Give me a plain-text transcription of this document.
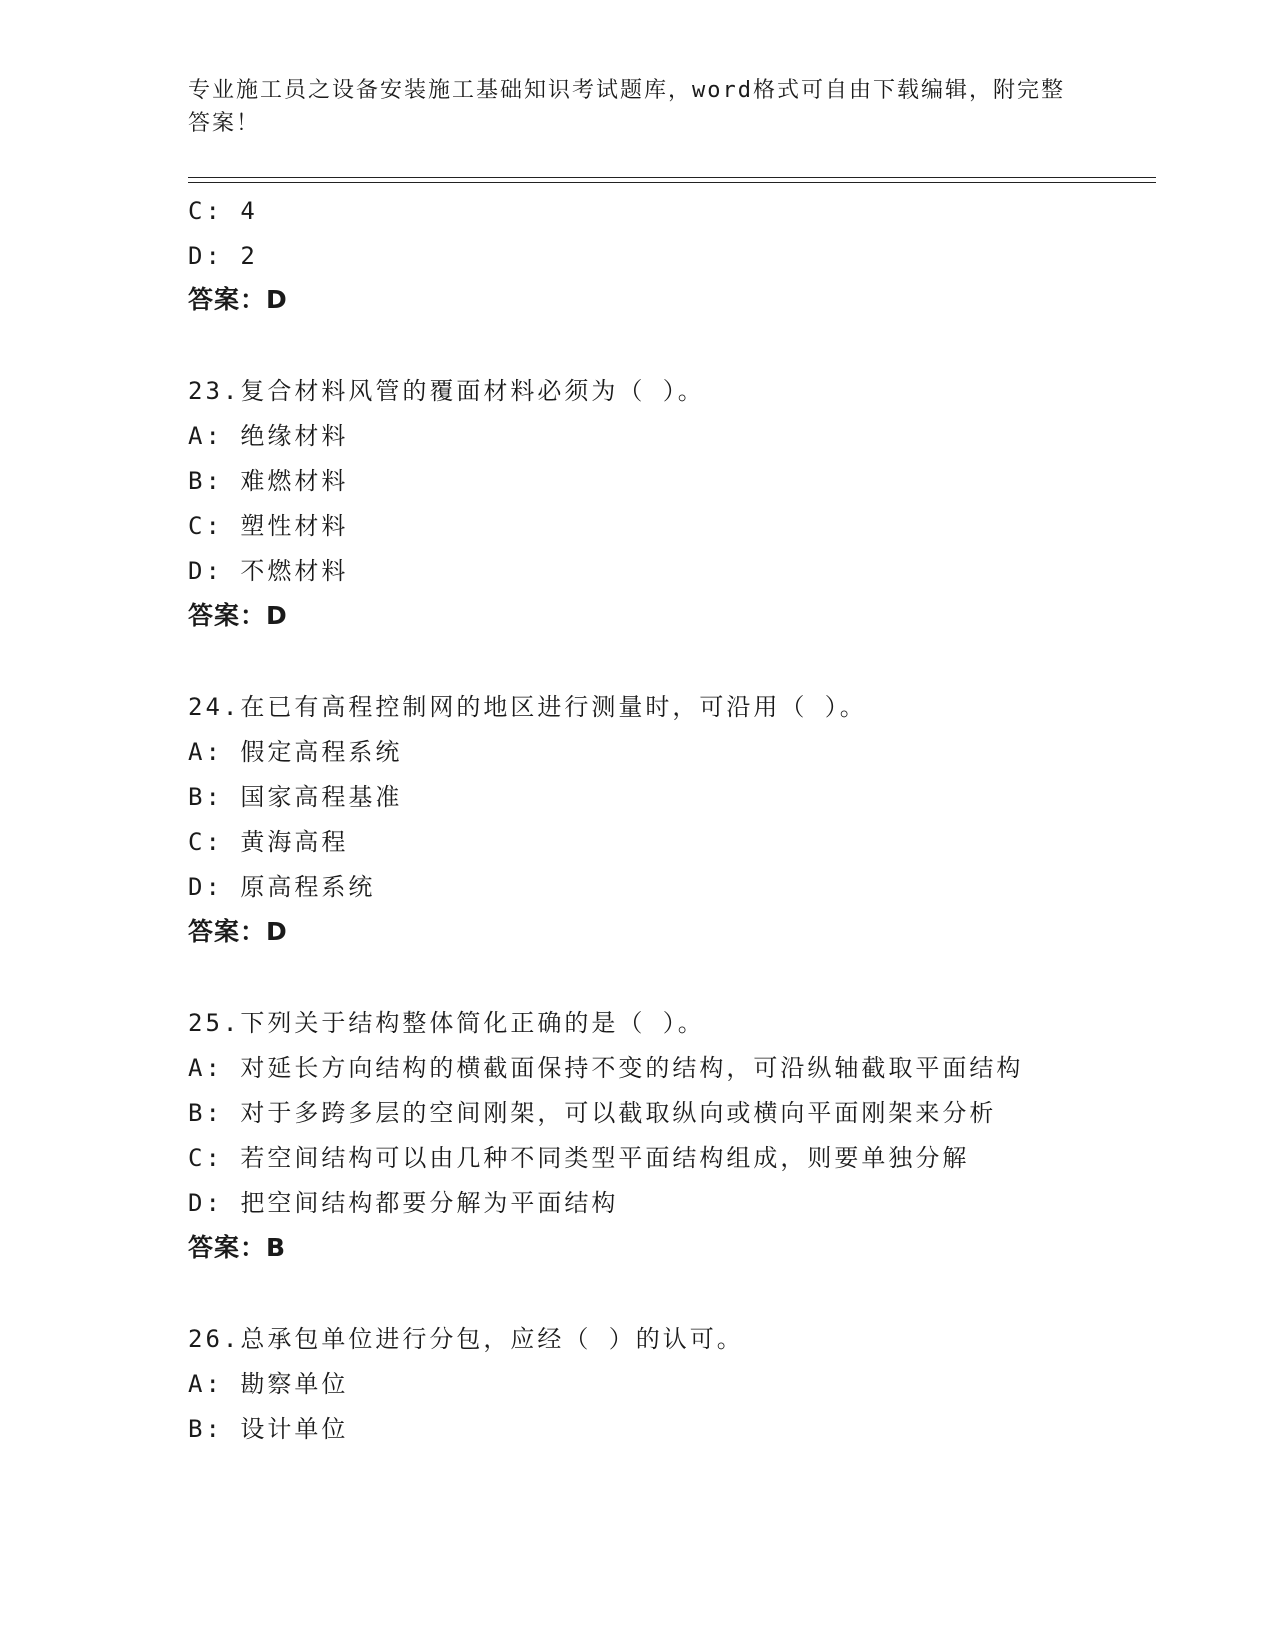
专业施工员之设备安装施工基础知识考试题库，word格式可自由下载编辑，附完整答案！
C: 4
D: 2
答案：D
23.复合材料风管的覆面材料必须为（ ）。
A: 绝缘材料
B: 难燃材料
C: 塑性材料
D: 不燃材料
答案：D
24.在已有高程控制网的地区进行测量时，可沿用（ ）。
A: 假定高程系统
B: 国家高程基准
C: 黄海高程
D: 原高程系统
答案：D
25.下列关于结构整体简化正确的是（ ）。
A: 对延长方向结构的横截面保持不变的结构，可沿纵轴截取平面结构
B: 对于多跨多层的空间刚架，可以截取纵向或横向平面刚架来分析
C: 若空间结构可以由几种不同类型平面结构组成，则要单独分解
D: 把空间结构都要分解为平面结构
答案：B
26.总承包单位进行分包，应经（ ）的认可。
A: 勘察单位
B: 设计单位
